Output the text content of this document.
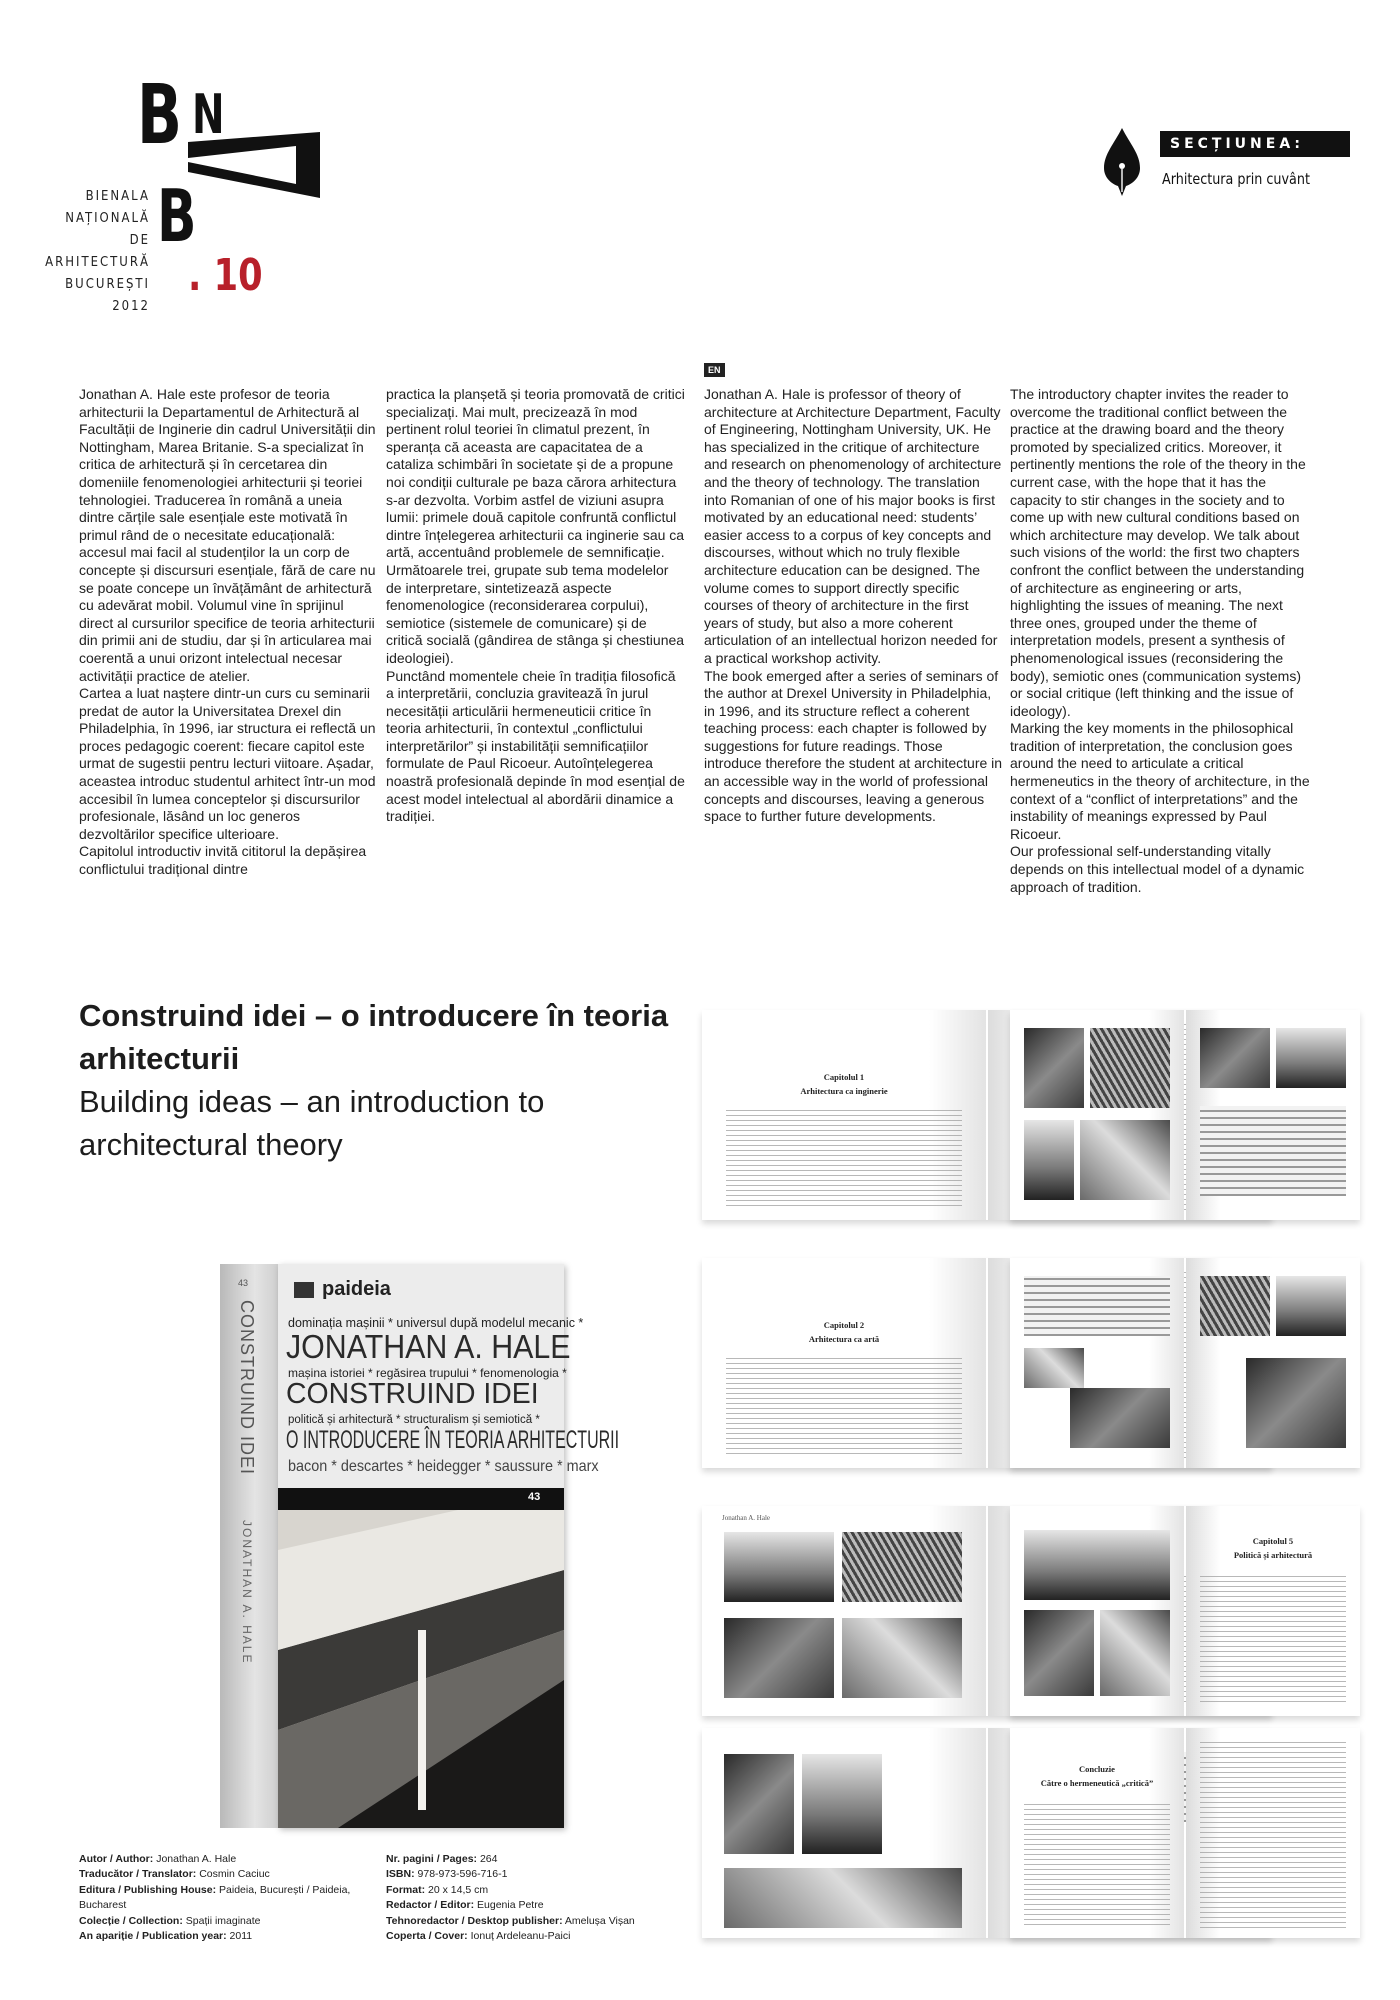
B N
B
BIENALA
NAȚIONALĂ
DE
ARHITECTURĂ
BUCUREȘTI
2012
. 10
SECȚIUNEA:
Arhitectura prin cuvânt

Jonathan A. Hale este profesor de teoria arhitecturii la Departamentul de Arhitectură al Facultății de Inginerie din cadrul Universității din Nottingham, Marea Britanie. S-a specializat în critica de arhitectură și în cercetarea din domeniile fenomenologiei arhitecturii și teoriei tehnologiei. Traducerea în română a uneia dintre cărțile sale esențiale este motivată în primul rând de o necesitate educațională: accesul mai facil al studenților la un corp de concepte și discursuri esențiale, fără de care nu se poate concepe un învățământ de arhitectură cu adevărat mobil. Volumul vine în sprijinul direct al cursurilor specifice de teoria arhitecturii din primii ani de studiu, dar și în articularea mai coerentă a unui orizont intelectual necesar activității practice de atelier.

Cartea a luat naștere dintr-un curs cu seminarii predat de autor la Universitatea Drexel din Philadelphia, în 1996, iar structura ei reflectă un proces pedagogic coerent: fiecare capitol este urmat de sugestii pentru lecturi viitoare. Așadar, aceastea introduc studentul arhitect într-un mod accesibil în lumea conceptelor și discursurilor profesionale, lăsând un loc generos dezvoltărilor specifice ulterioare.

Capitolul introductiv invită cititorul la depășirea conflictului tradițional dintre

practica la planșetă și teoria promovată de critici specializați. Mai mult, precizează în mod pertinent rolul teoriei în climatul prezent, în speranța că aceasta are capacitatea de a cataliza schimbări în societate și de a propune noi condiții culturale pe baza cărora arhitectura s-ar dezvolta. Vorbim astfel de viziuni asupra lumii: primele două capitole confruntă conflictul dintre înțelegerea arhitecturii ca inginerie sau ca artă, accentuând problemele de semnificație. Următoarele trei, grupate sub tema modelelor de interpretare, sintetizează aspecte fenomenologice (reconsiderarea corpului), semiotice (sistemele de comunicare) și de critică socială (gândirea de stânga și chestiunea ideologiei).

Punctând momentele cheie în tradiția filosofică a interpretării, concluzia gravitează în jurul necesității articulării hermeneuticii critice în teoria arhitecturii, în contextul „conflictului interpretărilor” și instabilității semnificațiilor formulate de Paul Ricoeur. Autoînțelegerea noastră profesională depinde în mod esențial de acest model intelectual al abordării dinamice a tradiției.

EN

Jonathan A. Hale is professor of theory of architecture at Architecture Department, Faculty of Engineering, Nottingham University, UK. He has specialized in the critique of architecture and research on phenomenology of architecture and the theory of technology. The translation into Romanian of one of his major books is first motivated by an educational need: students’ easier access to a corpus of key concepts and discourses, without which no truly flexible architecture education can be designed. The volume comes to support directly specific courses of theory of architecture in the first years of study, but also a more coherent articulation of an intellectual horizon needed for a practical workshop activity.

The book emerged after a series of seminars of the author at Drexel University in Philadelphia, in 1996, and its structure reflect a coherent teaching process: each chapter is followed by suggestions for future readings. Those introduce therefore the student at architecture in an accessible way in the world of professional concepts and discourses, leaving a generous space to further future developments.

The introductory chapter invites the reader to overcome the traditional conflict between the practice at the drawing board and the theory promoted by specialized critics. Moreover, it pertinently mentions the role of the theory in the current case, with the hope that it has the capacity to stir changes in the society and to come up with new cultural conditions based on which architecture may develop. We talk about such visions of the world: the first two chapters confront the conflict between the understanding of architecture as engineering or arts, highlighting the issues of meaning. The next three ones, grouped under the theme of interpretation models, present a synthesis of phenomenological issues (reconsidering the body), semiotic ones (communication systems) or social critique (left thinking and the issue of ideology).

Marking the key moments in the philosophical tradition of interpretation, the conclusion goes around the need to articulate a critical hermeneutics in the theory of architecture, in the context of a “conflict of interpretations” and the instability of meanings expressed by Paul Ricoeur.

Our professional self-understanding vitally depends on this intellectual model of a dynamic approach of tradition.

Construind idei – o introducere în teoria arhitecturii
Building ideas – an introduction to architectural theory
CONSTRUIND IDEI
JONATHAN A. HALE
43	paideia
dominația mașinii * universul după modelul mecanic *
JONATHAN A. HALE
mașina istoriei * regăsirea trupului * fenomenologia *
CONSTRUIND IDEI
politică și arhitectură * structuralism și semiotică *
O INTRODUCERE ÎN TEORIA ARHITECTURII
bacon * descartes * heidegger * saussure * marx
43
Autor / Author: Jonathan A. Hale
Traducător / Translator: Cosmin Caciuc
Editura / Publishing House: Paideia, București / Paideia, Bucharest
Colecție / Collection: Spații imaginate
An apariție / Publication year: 2011
Nr. pagini / Pages: 264
ISBN: 978-973-596-716-1
Format: 20 x 14,5 cm
Redactor / Editor: Eugenia Petre
Tehnoredactor / Desktop publisher: Amelușa Vișan
Coperta / Cover: Ionuț Ardeleanu-Paici
Capitolul 1
Arhitectura ca inginerie
Capitolul 2
Arhitectura ca artă
Jonathan A. Hale
Capitolul 5
Politică și arhitectură
Concluzie
Către o hermeneutică „critică”
